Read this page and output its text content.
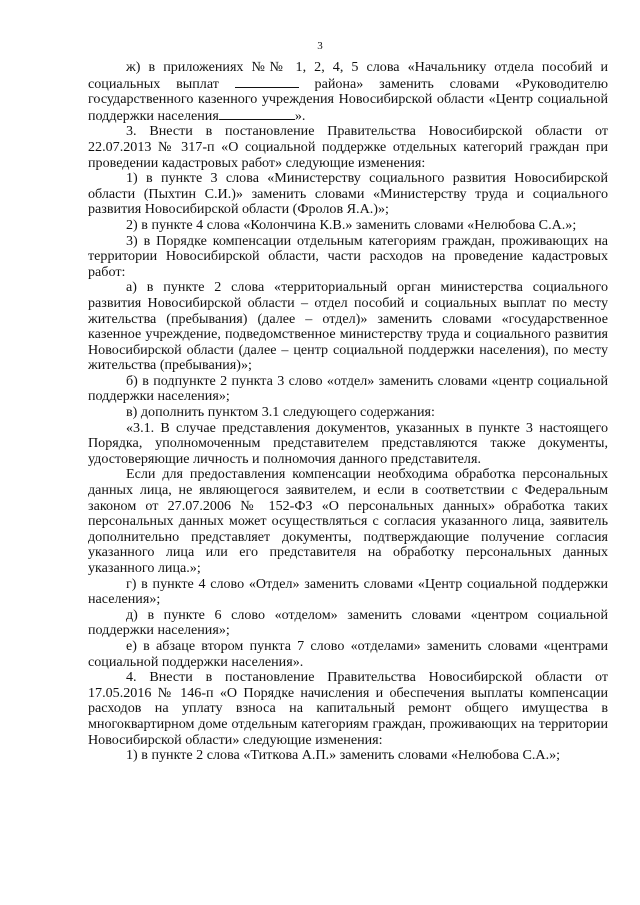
3

ж) в приложениях №№ 1, 2, 4, 5 слова «Начальнику отдела пособий и социальных выплат	района» заменить словами «Руководителю государственного казенного учреждения Новосибирской области «Центр социальной поддержки населения	».

3. Внести в постановление Правительства Новосибирской области от 22.07.2013 № 317-п «О социальной поддержке отдельных категорий граждан при проведении кадастровых работ» следующие изменения:

1) в пункте 3 слова «Министерству социального развития Новосибирской области (Пыхтин С.И.)» заменить словами «Министерству труда и социального развития Новосибирской области (Фролов Я.А.)»;

2) в пункте 4 слова «Колончина К.В.» заменить словами «Нелюбова С.А.»;

3) в Порядке компенсации отдельным категориям граждан, проживающих на территории Новосибирской области, части расходов на проведение кадастровых работ:

а) в пункте 2 слова «территориальный орган министерства социального развития Новосибирской области – отдел пособий и социальных выплат по месту жительства (пребывания) (далее – отдел)» заменить словами «государственное казенное учреждение, подведомственное министерству труда и социального развития Новосибирской области (далее – центр социальной поддержки населения), по месту жительства (пребывания)»;

б) в подпункте 2 пункта 3 слово «отдел» заменить словами «центр социальной поддержки населения»;

в) дополнить пунктом 3.1 следующего содержания:

«3.1. В случае представления документов, указанных в пункте 3 настоящего Порядка, уполномоченным представителем представляются также документы, удостоверяющие личность и полномочия данного представителя.

Если для предоставления компенсации необходима обработка персональных данных лица, не являющегося заявителем, и если в соответствии с Федеральным законом от 27.07.2006 № 152-ФЗ «О персональных данных» обработка таких персональных данных может осуществляться с согласия указанного лица, заявитель дополнительно представляет документы, подтверждающие получение согласия указанного лица или его представителя на обработку персональных данных указанного лица.»;

г) в пункте 4 слово «Отдел» заменить словами «Центр социальной поддержки населения»;

д) в пункте 6 слово «отделом» заменить словами «центром социальной поддержки населения»;

е) в абзаце втором пункта 7 слово «отделами» заменить словами «центрами социальной поддержки населения».

4. Внести в постановление Правительства Новосибирской области от 17.05.2016 № 146-п «О Порядке начисления и обеспечения выплаты компенсации расходов на уплату взноса на капитальный ремонт общего имущества в многоквартирном доме отдельным категориям граждан, проживающих на территории Новосибирской области» следующие изменения:

1) в пункте 2 слова «Титкова А.П.» заменить словами «Нелюбова С.А.»;
